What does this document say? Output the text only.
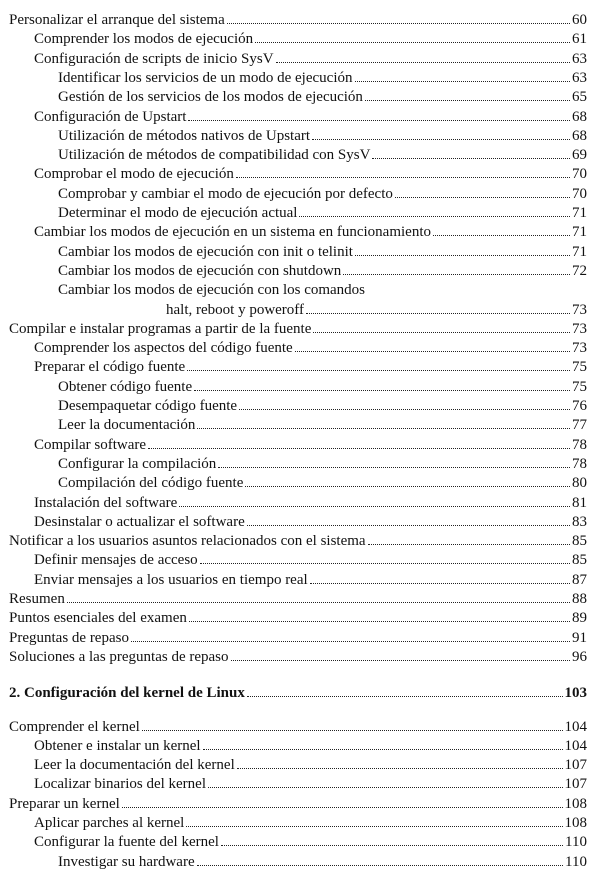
Personalizar el arranque del sistema	60
Comprender los modos de ejecución	61
Configuración de scripts de inicio SysV	63
Identificar los servicios de un modo de ejecución	63
Gestión de los servicios de los modos de ejecución	65
Configuración de Upstart	68
Utilización de métodos nativos de Upstart	68
Utilización de métodos de compatibilidad con SysV	69
Comprobar el modo de ejecución	70
Comprobar y cambiar el modo de ejecución por defecto	70
Determinar el modo de ejecución actual	71
Cambiar los modos de ejecución en un sistema en funcionamiento	71
Cambiar los modos de ejecución con init o telinit	71
Cambiar los modos de ejecución con shutdown	72
Cambiar los modos de ejecución con los comandos
halt, reboot y poweroff	73
Compilar e instalar programas a partir de la fuente	73
Comprender los aspectos del código fuente	73
Preparar el código fuente	75
Obtener código fuente	75
Desempaquetar código fuente	76
Leer la documentación	77
Compilar software	78
Configurar la compilación	78
Compilación del código fuente	80
Instalación del software	81
Desinstalar o actualizar el software	83
Notificar a los usuarios asuntos relacionados con el sistema	85
Definir mensajes de acceso	85
Enviar mensajes a los usuarios en tiempo real	87
Resumen	88
Puntos esenciales del examen	89
Preguntas de repaso	91
Soluciones a las preguntas de repaso	96
2. Configuración del kernel de Linux	103
Comprender el kernel	104
Obtener e instalar un kernel	104
Leer la documentación del kernel	107
Localizar binarios del kernel	107
Preparar un kernel	108
Aplicar parches al kernel	108
Configurar la fuente del kernel	110
Investigar su hardware	110
